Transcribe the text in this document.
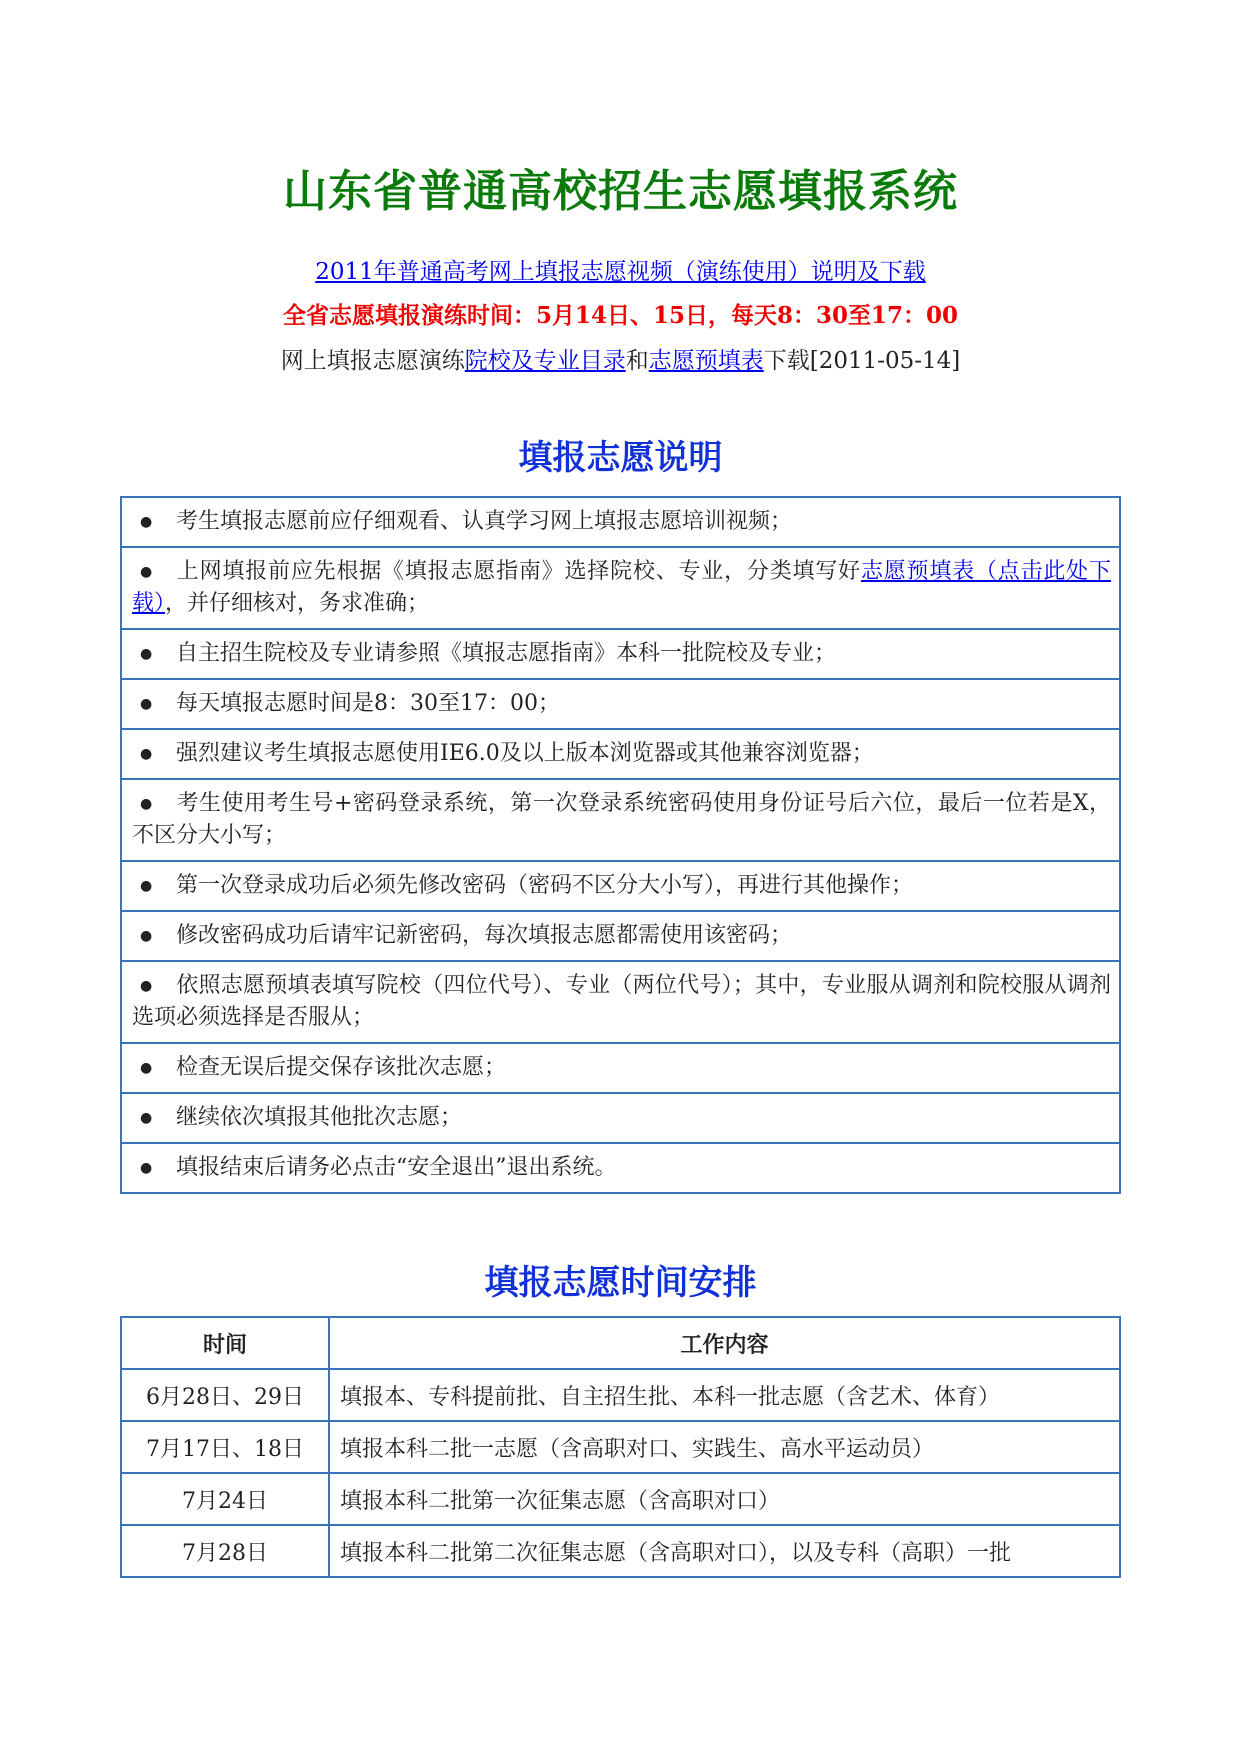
山东省普通高校招生志愿填报系统
2011年普通高考网上填报志愿视频（演练使用）说明及下载
全省志愿填报演练时间：5月14日、15日，每天8：30至17：00
网上填报志愿演练院校及专业目录和志愿预填表下载[2011-05-14]
填报志愿说明
● 考生填报志愿前应仔细观看、认真学习网上填报志愿培训视频；
● 上网填报前应先根据《填报志愿指南》选择院校、专业，分类填写好志愿预填表（点击此处下载），并仔细核对，务求准确；
● 自主招生院校及专业请参照《填报志愿指南》本科一批院校及专业；
● 每天填报志愿时间是8：30至17：00；
● 强烈建议考生填报志愿使用IE6.0及以上版本浏览器或其他兼容浏览器；
● 考生使用考生号+密码登录系统，第一次登录系统密码使用身份证号后六位，最后一位若是X，不区分大小写；
● 第一次登录成功后必须先修改密码（密码不区分大小写），再进行其他操作；
● 修改密码成功后请牢记新密码，每次填报志愿都需使用该密码；
● 依照志愿预填表填写院校（四位代号）、专业（两位代号）；其中，专业服从调剂和院校服从调剂选项必须选择是否服从；
● 检查无误后提交保存该批次志愿；
● 继续依次填报其他批次志愿；
● 填报结束后请务必点击“安全退出”退出系统。
填报志愿时间安排
时间	工作内容
6月28日、29日	填报本、专科提前批、自主招生批、本科一批志愿（含艺术、体育）
7月17日、18日	填报本科二批一志愿（含高职对口、实践生、高水平运动员）
7月24日	填报本科二批第一次征集志愿（含高职对口）
7月28日	填报本科二批第二次征集志愿（含高职对口），以及专科（高职）一批
